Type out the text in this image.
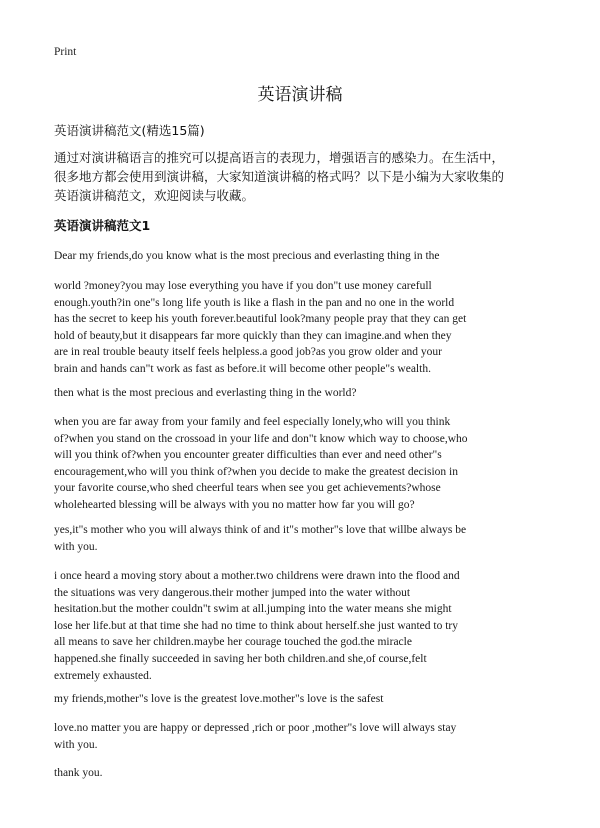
Print
英语演讲稿
英语演讲稿范文(精选15篇)
通过对演讲稿语言的推究可以提高语言的表现力，增强语言的感染力。在生活中，
很多地方都会使用到演讲稿，大家知道演讲稿的格式吗？以下是小编为大家收集的
英语演讲稿范文，欢迎阅读与收藏。
英语演讲稿范文1
Dear my friends,do you know what is the most precious and everlasting thing in the
world ?money?you may lose everything you have if you don"t use money carefull
enough.youth?in one"s long life youth is like a flash in the pan and no one in the world
has the secret to keep his youth forever.beautiful look?many people pray that they can get
hold of beauty,but it disappears far more quickly than they can imagine.and when they
are in real trouble beauty itself feels helpless.a good job?as you grow older and your
brain and hands can"t work as fast as before.it will become other people"s wealth.
then what is the most precious and everlasting thing in the world?
when you are far away from your family and feel especially lonely,who will you think
of?when you stand on the crossoad in your life and don"t know which way to choose,who
will you think of?when you encounter greater difficulties than ever and need other"s
encouragement,who will you think of?when you decide to make the greatest decision in
your favorite course,who shed cheerful tears when see you get achievements?whose
wholehearted blessing will be always with you no matter how far you will go?
yes,it"s mother who you will always think of and it"s mother"s love that willbe always be
with you.
i once heard a moving story about a mother.two childrens were drawn into the flood and
the situations was very dangerous.their mother jumped into the water without
hesitation.but the mother couldn"t swim at all.jumping into the water means she might
lose her life.but at that time she had no time to think about herself.she just wanted to try
all means to save her children.maybe her courage touched the god.the miracle
happened.she finally succeeded in saving her both children.and she,of course,felt
extremely exhausted.
my friends,mother"s love is the greatest love.mother"s love is the safest
love.no matter you are happy or depressed ,rich or poor ,mother"s love will always stay
with you.
thank you.
